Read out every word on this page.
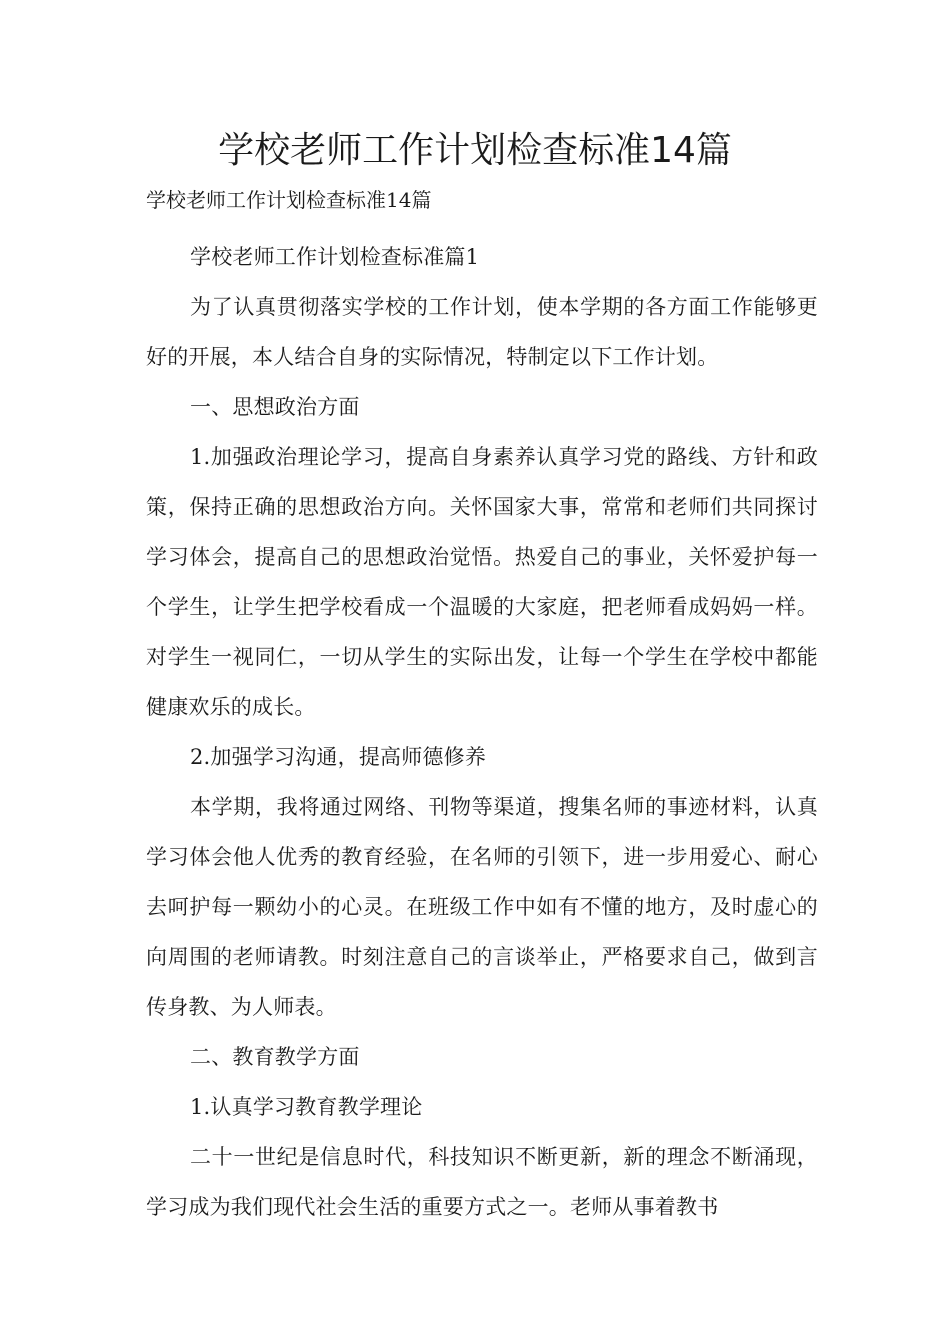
学校老师工作计划检查标准14篇
学校老师工作计划检查标准14篇

学校老师工作计划检查标准篇1

为了认真贯彻落实学校的工作计划，使本学期的各方面工作能够更好的开展，本人结合自身的实际情况，特制定以下工作计划。

一、思想政治方面

1.加强政治理论学习，提高自身素养认真学习党的路线、方针和政策，保持正确的思想政治方向。关怀国家大事，常常和老师们共同探讨学习体会，提高自己的思想政治觉悟。热爱自己的事业，关怀爱护每一个学生，让学生把学校看成一个温暖的大家庭，把老师看成妈妈一样。对学生一视同仁，一切从学生的实际出发，让每一个学生在学校中都能健康欢乐的成长。

2.加强学习沟通，提高师德修养

本学期，我将通过网络、刊物等渠道，搜集名师的事迹材料，认真学习体会他人优秀的教育经验，在名师的引领下，进一步用爱心、耐心去呵护每一颗幼小的心灵。在班级工作中如有不懂的地方，及时虚心的向周围的老师请教。时刻注意自己的言谈举止，严格要求自己，做到言传身教、为人师表。

二、教育教学方面

1.认真学习教育教学理论

二十一世纪是信息时代，科技知识不断更新，新的理念不断涌现，学习成为我们现代社会生活的重要方式之一。老师从事着教书
